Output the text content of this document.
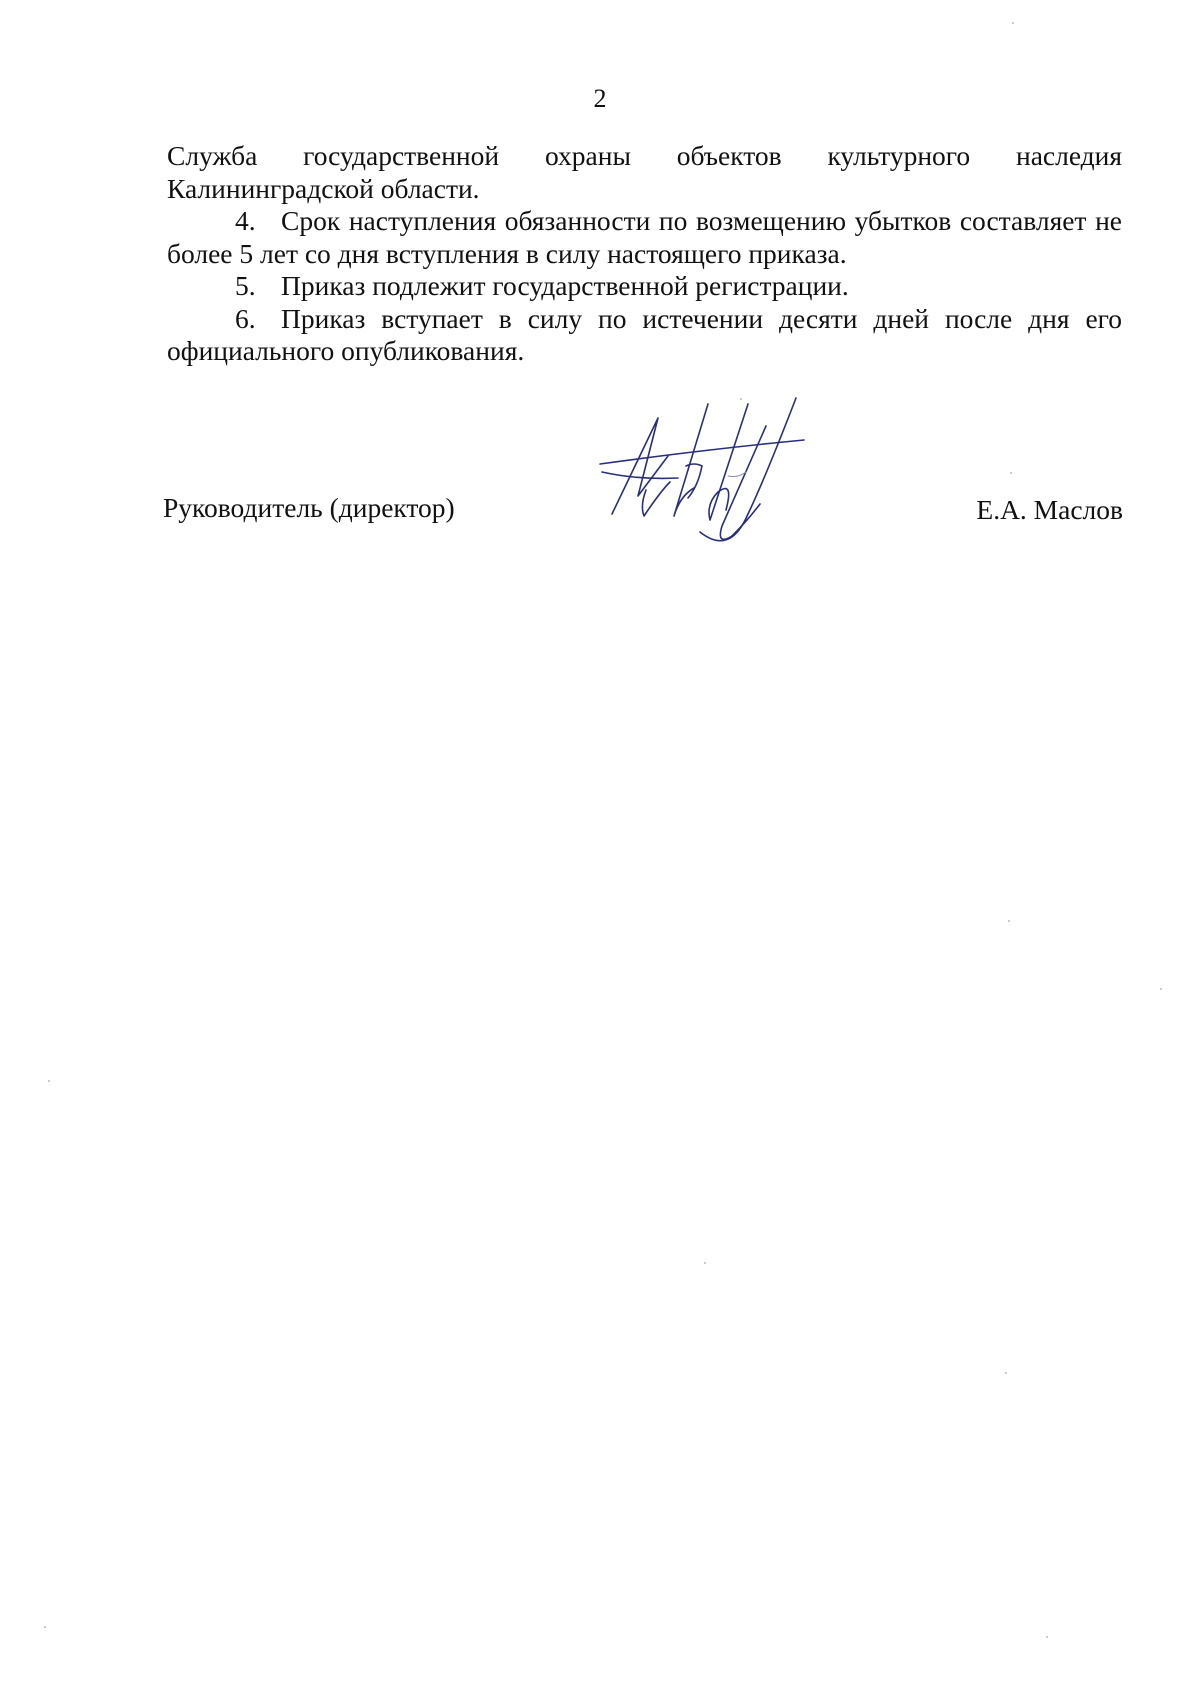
2

Служба государственной охраны объектов культурного наследия

Калининградской области.

4. Срок наступления обязанности по возмещению убытков составляет не более 5 лет со дня вступления в силу настоящего приказа.

5. Приказ подлежит государственной регистрации.

6. Приказ вступает в силу по истечении десяти дней после дня его официального опубликования.

Руководитель (директор)	Е.А. Маслов
